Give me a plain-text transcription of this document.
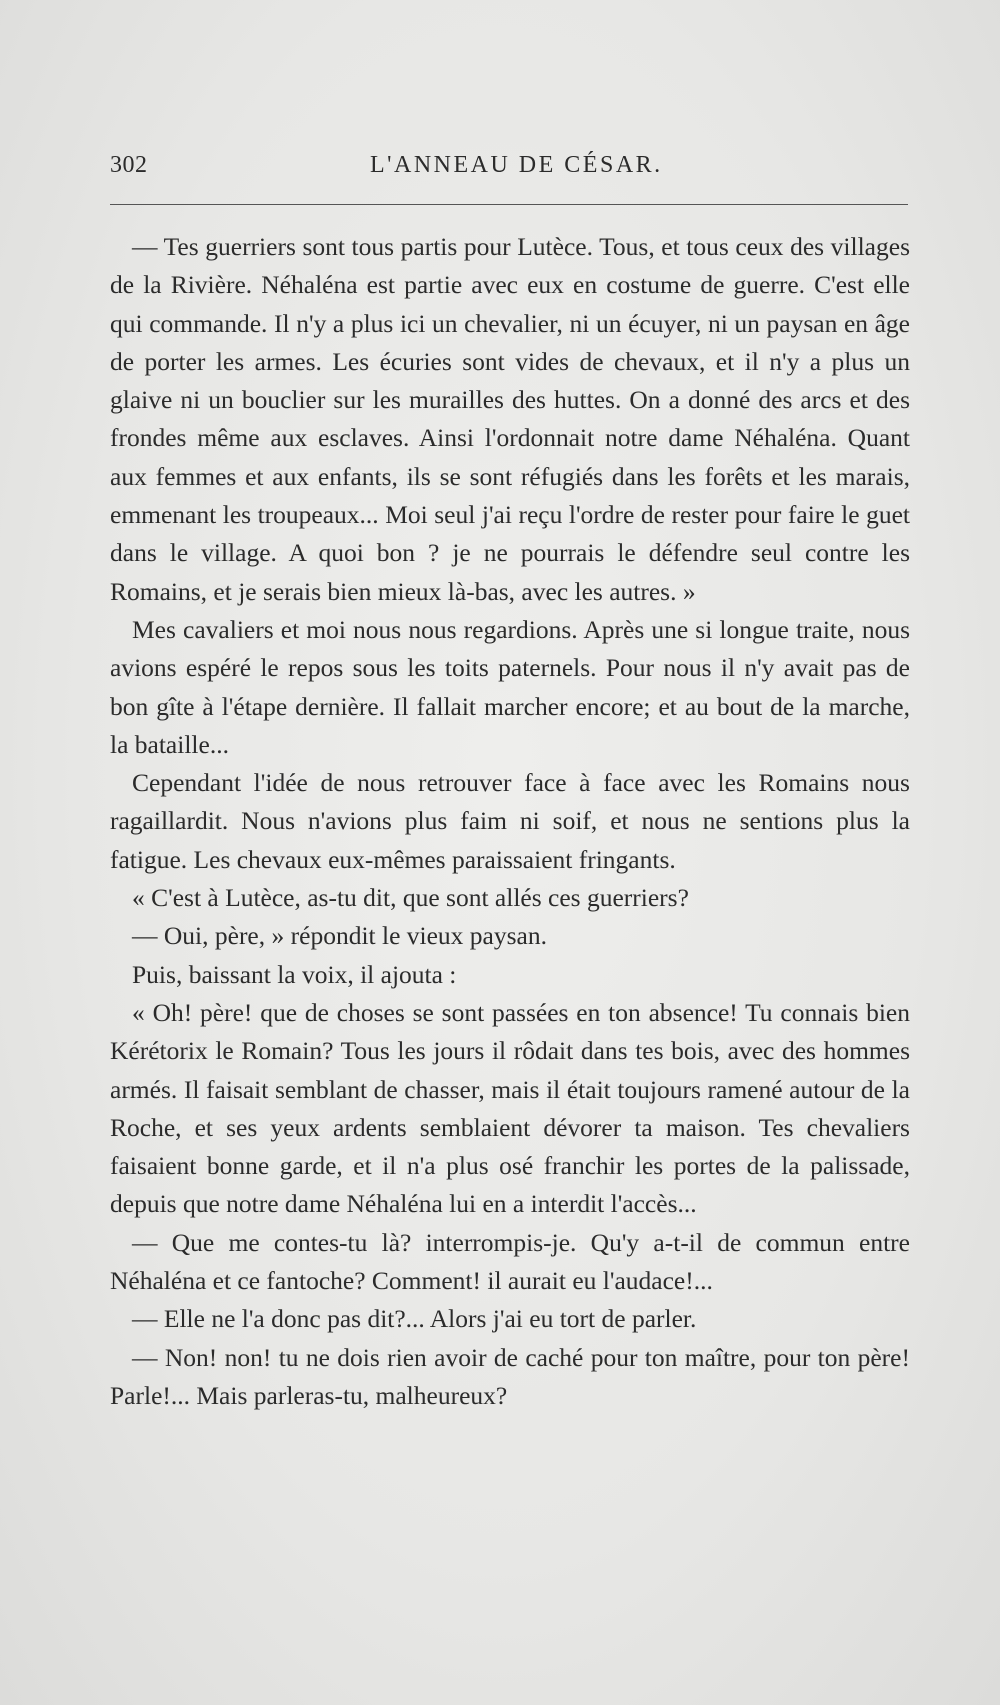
302	L'ANNEAU DE CÉSAR.

— Tes guerriers sont tous partis pour Lutèce. Tous, et tous ceux des villages de la Rivière. Néhaléna est partie avec eux en costume de guerre. C'est elle qui commande. Il n'y a plus ici un chevalier, ni un écuyer, ni un paysan en âge de porter les armes. Les écuries sont vides de chevaux, et il n'y a plus un glaive ni un bouclier sur les murailles des huttes. On a donné des arcs et des frondes même aux esclaves. Ainsi l'ordonnait notre dame Néhaléna. Quant aux femmes et aux enfants, ils se sont réfugiés dans les forêts et les marais, emmenant les troupeaux... Moi seul j'ai reçu l'ordre de rester pour faire le guet dans le village. A quoi bon ? je ne pourrais le défendre seul contre les Romains, et je serais bien mieux là-bas, avec les autres. »

Mes cavaliers et moi nous nous regardions. Après une si longue traite, nous avions espéré le repos sous les toits paternels. Pour nous il n'y avait pas de bon gîte à l'étape dernière. Il fallait marcher encore; et au bout de la marche, la bataille...

Cependant l'idée de nous retrouver face à face avec les Romains nous ragaillardit. Nous n'avions plus faim ni soif, et nous ne sentions plus la fatigue. Les chevaux eux-mêmes paraissaient fringants.

« C'est à Lutèce, as-tu dit, que sont allés ces guerriers?

— Oui, père, » répondit le vieux paysan.

Puis, baissant la voix, il ajouta :

« Oh! père! que de choses se sont passées en ton absence! Tu connais bien Kérétorix le Romain? Tous les jours il rôdait dans tes bois, avec des hommes armés. Il faisait semblant de chasser, mais il était toujours ramené autour de la Roche, et ses yeux ardents semblaient dévorer ta maison. Tes chevaliers faisaient bonne garde, et il n'a plus osé franchir les portes de la palissade, depuis que notre dame Néhaléna lui en a interdit l'accès...

— Que me contes-tu là? interrompis-je. Qu'y a-t-il de commun entre Néhaléna et ce fantoche? Comment! il aurait eu l'audace!...

— Elle ne l'a donc pas dit?... Alors j'ai eu tort de parler.

— Non! non! tu ne dois rien avoir de caché pour ton maître, pour ton père! Parle!... Mais parleras-tu, malheureux?
